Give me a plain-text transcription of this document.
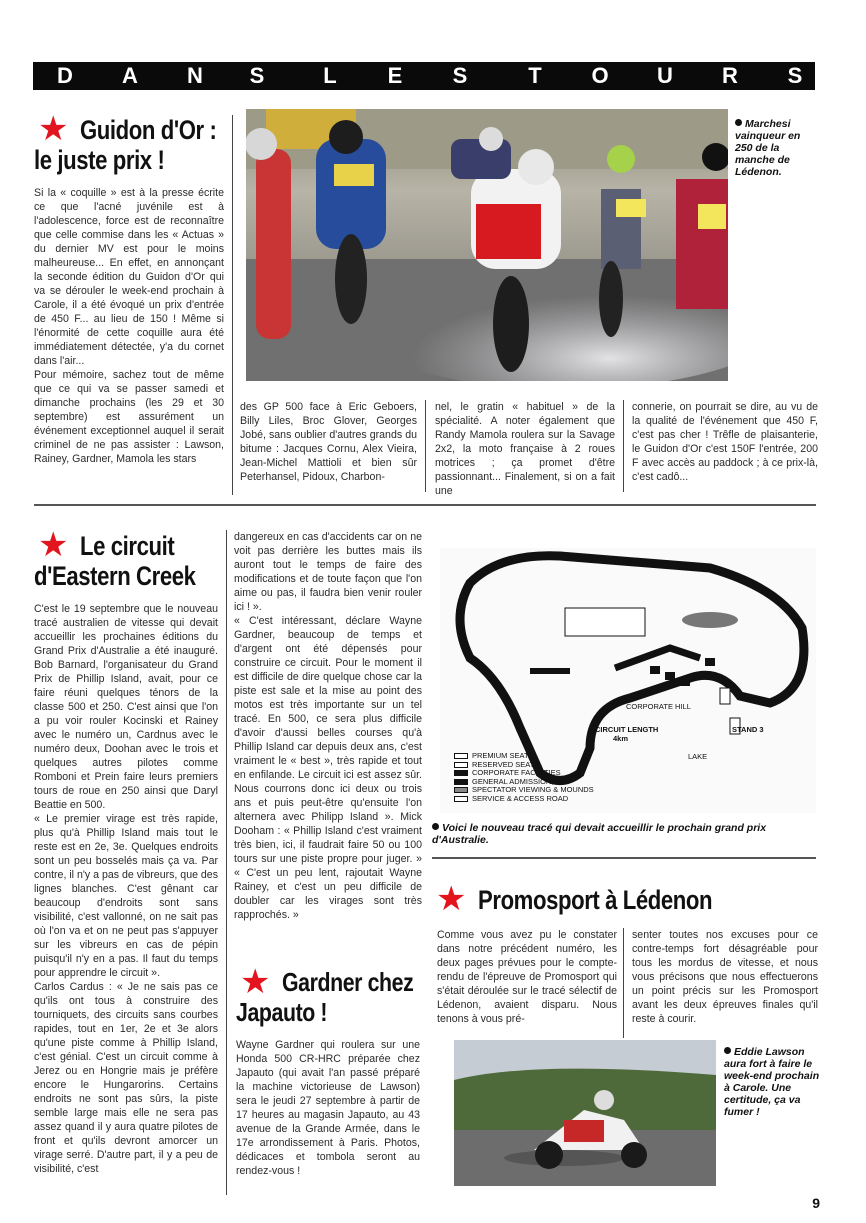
D A N S	L E S	T O U R S
★ Guidon d'Or :
le juste prix !

Si la « coquille » est à la presse écrite ce que l'acné juvénile est à l'adolescence, force est de reconnaître que celle commise dans les « Actuas » du dernier MV est pour le moins malheureuse... En effet, en annonçant la seconde édition du Guidon d'Or qui va se dérouler le week-end prochain à Carole, il a été évoqué un prix d'entrée de 450 F... au lieu de 150 ! Même si l'énormité de cette coquille aura été immédiatement détectée, y'a du cornet dans l'air...

Pour mémoire, sachez tout de même que ce qui va se passer samedi et dimanche prochains (les 29 et 30 septembre) est assurément un événement exceptionnel auquel il serait criminel de ne pas assister : Lawson, Rainey, Gardner, Mamola les stars

Marchesi vainqueur en 250 de la manche de Lédenon.

des GP 500 face à Eric Geboers, Billy Liles, Broc Glover, Georges Jobé, sans oublier d'autres grands du bitume : Jacques Cornu, Alex Vieira, Jean-Michel Mattioli et bien sûr Peterhansel, Pidoux, Charbon-

nel, le gratin « habituel » de la spécialité. A noter également que Randy Mamola roulera sur la Savage 2x2, la moto française à 2 roues motrices ; ça promet d'être passionnant... Finalement, si on a fait une

connerie, on pourrait se dire, au vu de la qualité de l'événement que 450 F, c'est pas cher ! Trêfle de plaisanterie, le Guidon d'Or c'est 150F l'entrée, 200 F avec accès au paddock ; à ce prix-là, c'est cadô...

★ Le circuit
d'Eastern Creek

C'est le 19 septembre que le nouveau tracé australien de vitesse qui devait accueillir les prochaines éditions du Grand Prix d'Australie a été inauguré. Bob Barnard, l'organisateur du Grand Prix de Phillip Island, avait, pour ce faire réuni quelques ténors de la classe 500 et 250. C'est ainsi que l'on a pu voir rouler Kocinski et Rainey avec le numéro un, Cardnus avec le numéro deux, Doohan avec le trois et quelques autres pilotes comme Romboni et Prein faire leurs premiers tours de roue en 250 ainsi que Daryl Beattie en 500.

« Le premier virage est très rapide, plus qu'à Phillip Island mais tout le reste est en 2e, 3e. Quelques endroits sont un peu bosselés mais ça va. Par contre, il n'y a pas de vibreurs, que des lignes blanches. C'est gênant car beaucoup d'endroits sont sans visibilité, c'est vallonné, on ne sait pas où l'on va et on ne peut pas s'appuyer sur les vibreurs en cas de pépin puisqu'il n'y en a pas. Il faut du temps pour apprendre le circuit ».

Carlos Cardus : « Je ne sais pas ce qu'ils ont tous à construire des tourniquets, des circuits sans courbes rapides, tout en 1er, 2e et 3e alors qu'une piste comme à Phillip Island, c'est génial. C'est un circuit comme à Jerez ou en Hongrie mais je préfère encore le Hungarorins. Certains endroits ne sont pas sûrs, la piste semble large mais elle ne sera pas assez quand il y aura quatre pilotes de front et qu'ils devront amorcer un virage serré. D'autre part, il y a peu de visibilité, c'est

dangereux en cas d'accidents car on ne voit pas derrière les buttes mais ils auront tout le temps de faire des modifications et de toute façon que l'on aime ou pas, il faudra bien venir rouler ici ! ».

« C'est intéressant, déclare Wayne Gardner, beaucoup de temps et d'argent ont été dépensés pour construire ce circuit. Pour le moment il est difficile de dire quelque chose car la piste est sale et la mise au point des motos est très importante sur un tel tracé. En 500, ce sera plus difficile d'avoir d'aussi belles courses qu'à Phillip Island car depuis deux ans, c'est vraiment le « best », très rapide et tout en enfilande. Le circuit ici est assez sûr. Nous courrons donc ici deux ou trois ans et puis peut-être qu'ensuite l'on alternera avec Philipp Island ». Mick Dooham : « Phillip Island c'est vraiment très bien, ici, il faudrait faire 50 ou 100 tours sur une piste propre pour juger. » « C'est un peu lent, rajoutait Wayne Rainey, et c'est un peu difficile de doubler car les virages sont très rapprochés. »

CIRCUIT LENGTH
4km
STAND 3
LAKE
CORPORATE HILL
PREMIUM SEATS
RESERVED SEATS
CORPORATE FACILITIES
GENERAL ADMISSION,
SPECTATOR VIEWING & MOUNDS
SERVICE & ACCESS ROAD
Voici le nouveau tracé qui devait accueillir le prochain grand prix d'Australie.
★ Gardner chez
Japauto !

Wayne Gardner qui roulera sur une Honda 500 CR-HRC préparée chez Japauto (qui avait l'an passé préparé la machine victorieuse de Lawson) sera le jeudi 27 septembre à partir de 17 heures au magasin Japauto, au 43 avenue de la Grande Armée, dans le 17e arrondissement à Paris. Photos, dédicaces et tombola seront au rendez-vous !

★ Promosport à Lédenon

Comme vous avez pu le constater dans notre précédent numéro, les deux pages prévues pour le compte-rendu de l'épreuve de Promosport qui s'était déroulée sur le tracé sélectif de Lédenon, avaient disparu. Nous tenons à vous pré-

senter toutes nos excuses pour ce contre-temps fort désagréable pour tous les mordus de vitesse, et nous vous précisons que nous effectuerons un point précis sur les Promosport avant les deux épreuves finales qu'il reste à courir.

Eddie Lawson aura fort à faire le week-end prochain à Carole. Une certitude, ça va fumer !
9
